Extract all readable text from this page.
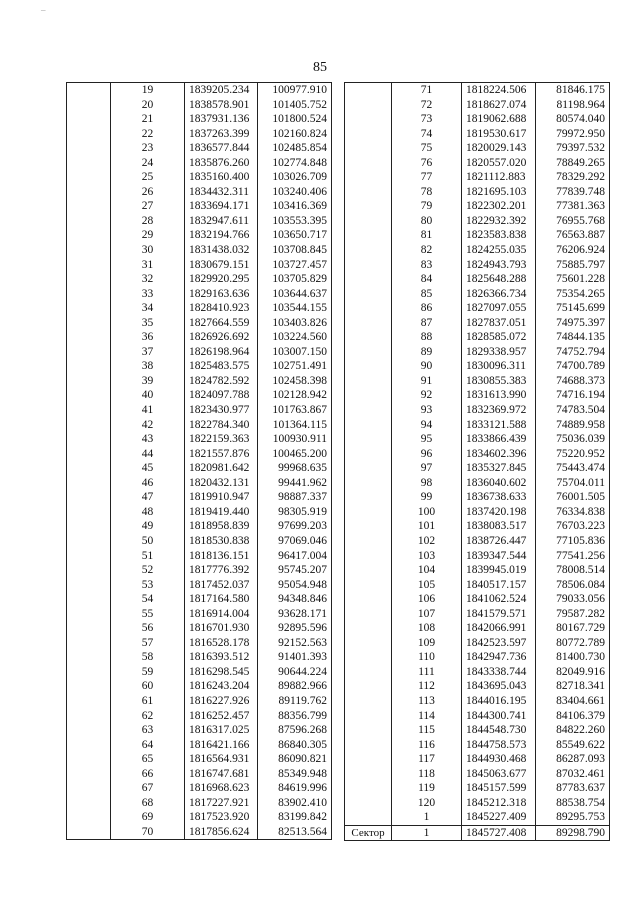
–
85
	19	1839205.234	100977.910
	20	1838578.901	101405.752
	21	1837931.136	101800.524
	22	1837263.399	102160.824
	23	1836577.844	102485.854
	24	1835876.260	102774.848
	25	1835160.400	103026.709
	26	1834432.311	103240.406
	27	1833694.171	103416.369
	28	1832947.611	103553.395
	29	1832194.766	103650.717
	30	1831438.032	103708.845
	31	1830679.151	103727.457
	32	1829920.295	103705.829
	33	1829163.636	103644.637
	34	1828410.923	103544.155
	35	1827664.559	103403.826
	36	1826926.692	103224.560
	37	1826198.964	103007.150
	38	1825483.575	102751.491
	39	1824782.592	102458.398
	40	1824097.788	102128.942
	41	1823430.977	101763.867
	42	1822784.340	101364.115
	43	1822159.363	100930.911
	44	1821557.876	100465.200
	45	1820981.642	99968.635
	46	1820432.131	99441.962
	47	1819910.947	98887.337
	48	1819419.440	98305.919
	49	1818958.839	97699.203
	50	1818530.838	97069.046
	51	1818136.151	96417.004
	52	1817776.392	95745.207
	53	1817452.037	95054.948
	54	1817164.580	94348.846
	55	1816914.004	93628.171
	56	1816701.930	92895.596
	57	1816528.178	92152.563
	58	1816393.512	91401.393
	59	1816298.545	90644.224
	60	1816243.204	89882.966
	61	1816227.926	89119.762
	62	1816252.457	88356.799
	63	1816317.025	87596.268
	64	1816421.166	86840.305
	65	1816564.931	86090.821
	66	1816747.681	85349.948
	67	1816968.623	84619.996
	68	1817227.921	83902.410
	69	1817523.920	83199.842
	70	1817856.624	82513.564
	71	1818224.506	81846.175
	72	1818627.074	81198.964
	73	1819062.688	80574.040
	74	1819530.617	79972.950
	75	1820029.143	79397.532
	76	1820557.020	78849.265
	77	1821112.883	78329.292
	78	1821695.103	77839.748
	79	1822302.201	77381.363
	80	1822932.392	76955.768
	81	1823583.838	76563.887
	82	1824255.035	76206.924
	83	1824943.793	75885.797
	84	1825648.288	75601.228
	85	1826366.734	75354.265
	86	1827097.055	75145.699
	87	1827837.051	74975.397
	88	1828585.072	74844.135
	89	1829338.957	74752.794
	90	1830096.311	74700.789
	91	1830855.383	74688.373
	92	1831613.990	74716.194
	93	1832369.972	74783.504
	94	1833121.588	74889.958
	95	1833866.439	75036.039
	96	1834602.396	75220.952
	97	1835327.845	75443.474
	98	1836040.602	75704.011
	99	1836738.633	76001.505
	100	1837420.198	76334.838
	101	1838083.517	76703.223
	102	1838726.447	77105.836
	103	1839347.544	77541.256
	104	1839945.019	78008.514
	105	1840517.157	78506.084
	106	1841062.524	79033.056
	107	1841579.571	79587.282
	108	1842066.991	80167.729
	109	1842523.597	80772.789
	110	1842947.736	81400.730
	111	1843338.744	82049.916
	112	1843695.043	82718.341
	113	1844016.195	83404.661
	114	1844300.741	84106.379
	115	1844548.730	84822.260
	116	1844758.573	85549.622
	117	1844930.468	86287.093
	118	1845063.677	87032.461
	119	1845157.599	87783.637
	120	1845212.318	88538.754
	1	1845227.409	89295.753
Сектор	1	1845727.408	89298.790
